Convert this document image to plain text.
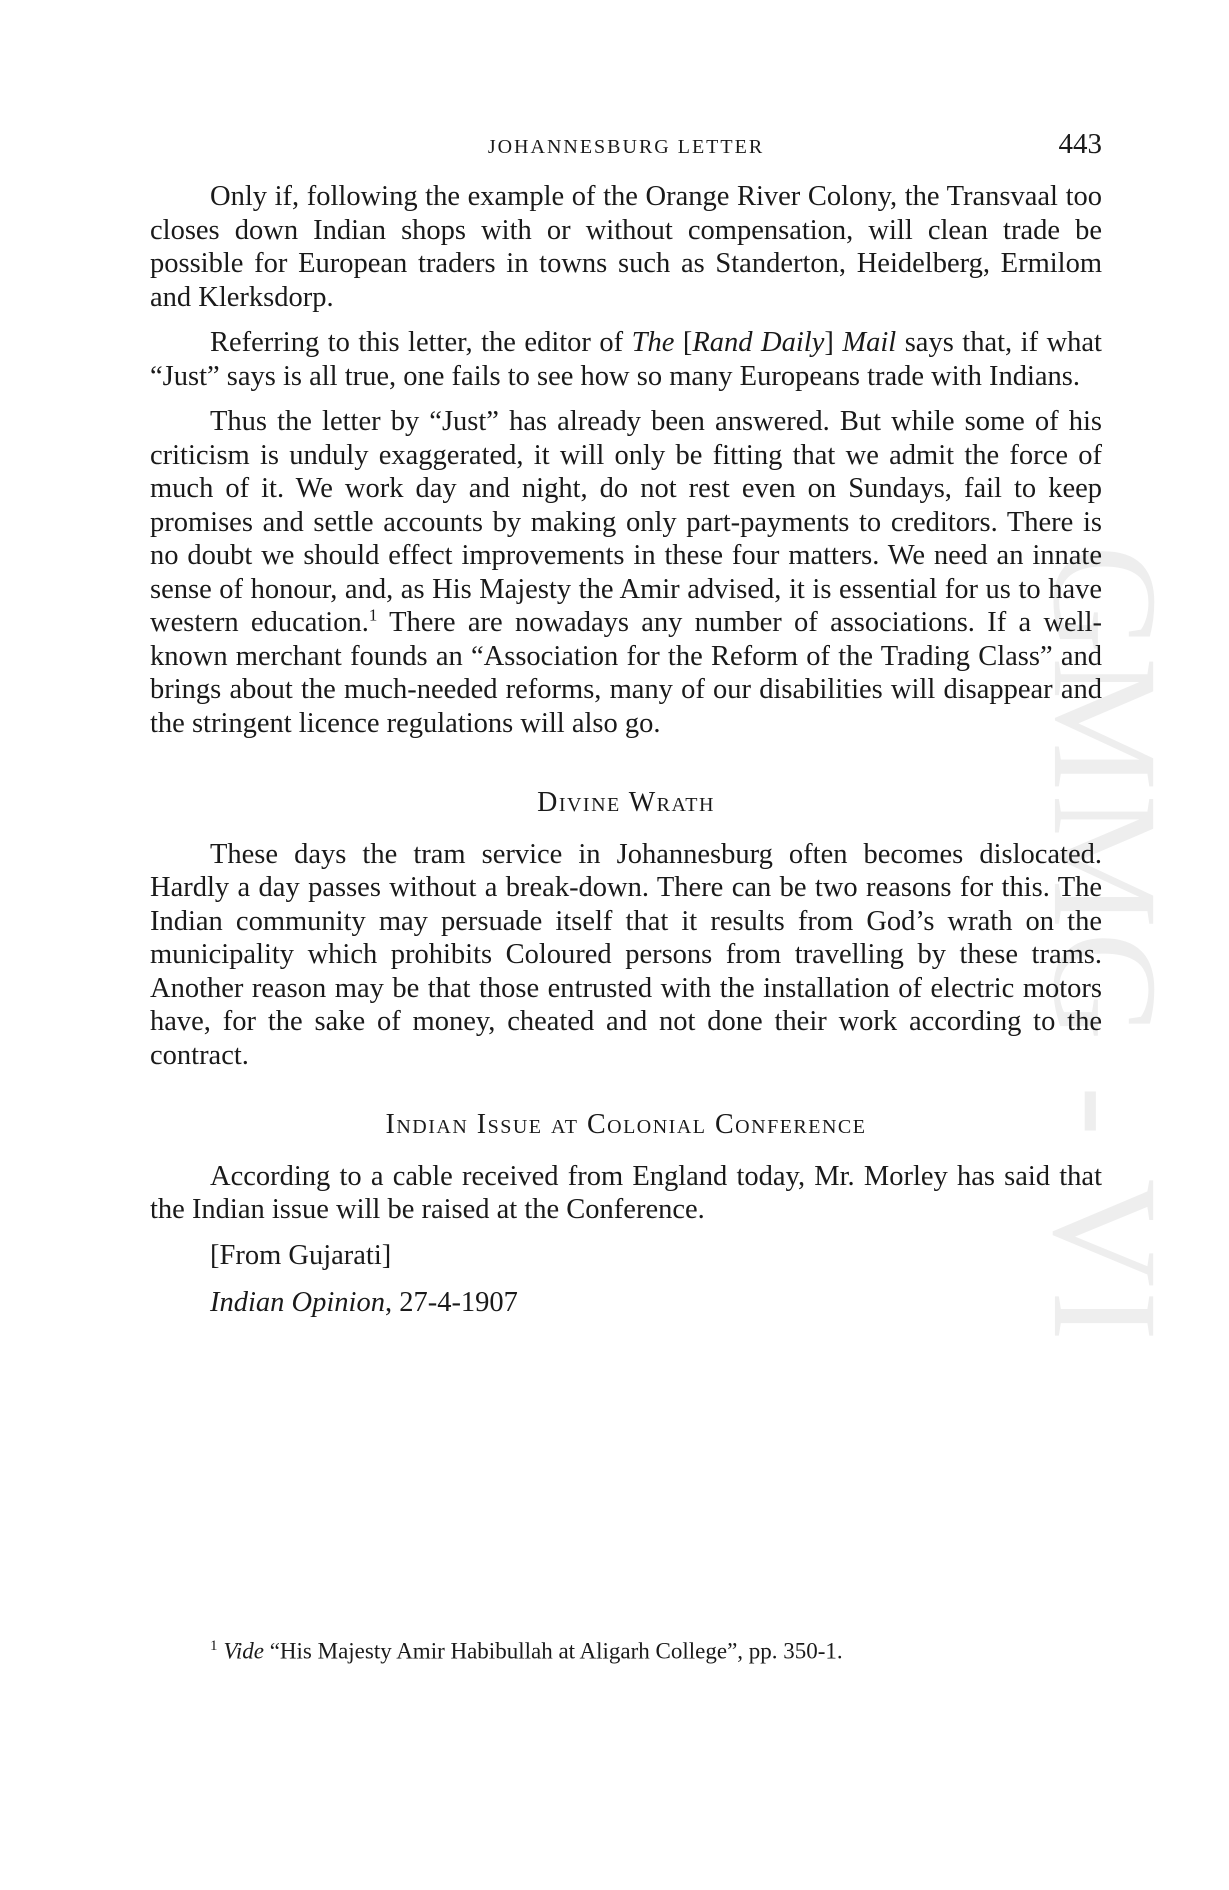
GMMG - VI
JOHANNESBURG LETTER	443

Only if, following the example of the Orange River Colony, the Transvaal too closes down Indian shops with or without compensation, will clean trade be possible for European traders in towns such as Standerton, Heidelberg, Ermilom and Klerksdorp.

Referring to this letter, the editor of The [Rand Daily] Mail says that, if what “Just” says is all true, one fails to see how so many Europeans trade with Indians.

Thus the letter by “Just” has already been answered. But while some of his criticism is unduly exaggerated, it will only be fitting that we admit the force of much of it. We work day and night, do not rest even on Sundays, fail to keep promises and settle accounts by making only part-payments to creditors. There is no doubt we should effect improvements in these four matters. We need an innate sense of honour, and, as His Majesty the Amir advised, it is essential for us to have western education.$^1$ There are nowadays any number of associations. If a well-known merchant founds an “Association for the Reform of the Trading Class” and brings about the much-needed reforms, many of our disabilities will disappear and the stringent licence regulations will also go.

Divine Wrath

These days the tram service in Johannesburg often becomes dislocated. Hardly a day passes without a break-down. There can be two reasons for this. The Indian community may persuade itself that it results from God’s wrath on the municipality which prohibits Coloured persons from travelling by these trams. Another reason may be that those entrusted with the installation of electric motors have, for the sake of money, cheated and not done their work according to the contract.

Indian Issue at Colonial Conference

According to a cable received from England today, Mr. Morley has said that the Indian issue will be raised at the Conference.

[From Gujarati]

Indian Opinion, 27-4-1907

$^1$ Vide “His Majesty Amir Habibullah at Aligarh College”, pp. 350-1.
